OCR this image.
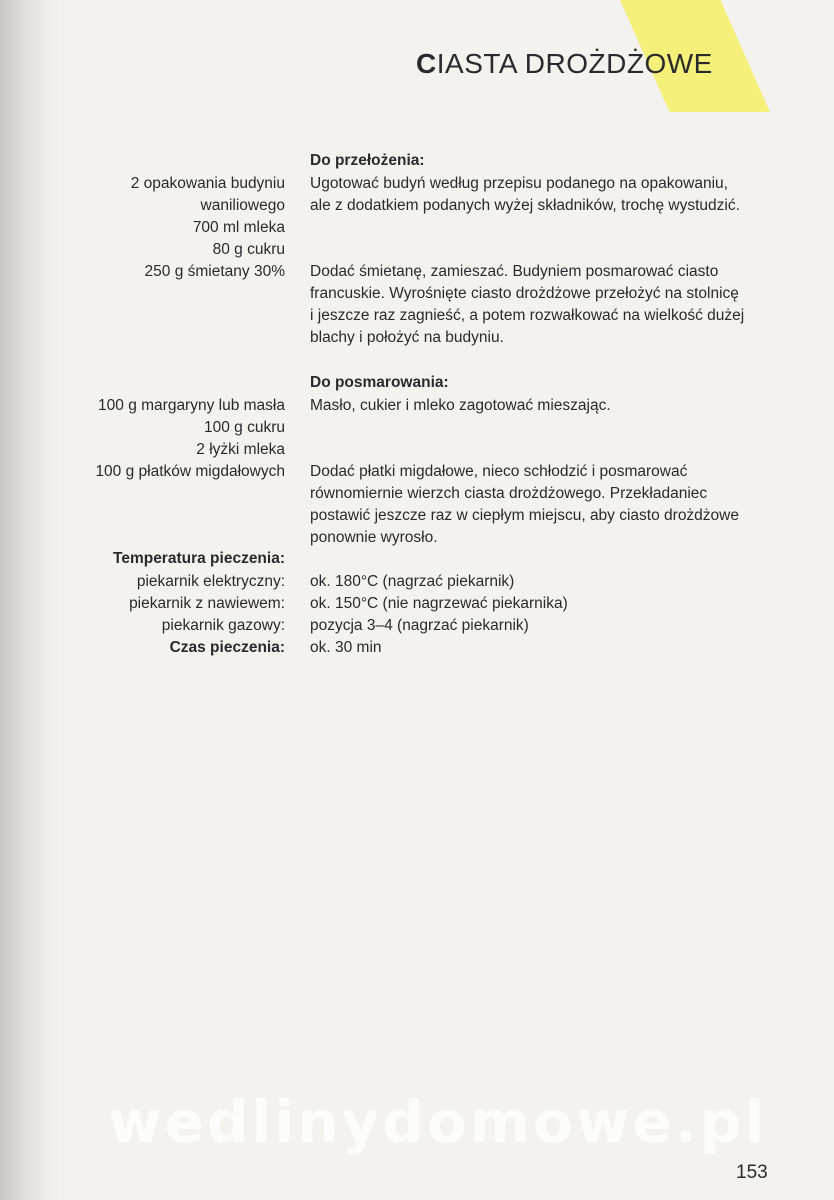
CIASTA DROŻDŻOWE
Do przełożenia:
2 opakowania budyniu
waniliowego
700 ml mleka
80 g cukru
250 g śmietany 30%
Ugotować budyń według przepisu podanego na opakowaniu,
ale z dodatkiem podanych wyżej składników, trochę wystudzić.
Dodać śmietanę, zamieszać. Budyniem posmarować ciasto
francuskie. Wyrośnięte ciasto drożdżowe przełożyć na stolnicę
i jeszcze raz zagnieść, a potem rozwałkować na wielkość dużej
blachy i położyć na budyniu.
Do posmarowania:
100 g margaryny lub masła
100 g cukru
2 łyżki mleka
100 g płatków migdałowych
Masło, cukier i mleko zagotować mieszając.
Dodać płatki migdałowe, nieco schłodzić i posmarować
równomiernie wierzch ciasta drożdżowego. Przekładaniec
postawić jeszcze raz w ciepłym miejscu, aby ciasto drożdżowe
ponownie wyrosło.
Temperatura pieczenia:
piekarnik elektryczny: ok. 180°C (nagrzać piekarnik)
piekarnik z nawiewem: ok. 150°C (nie nagrzewać piekarnika)
piekarnik gazowy: pozycja 3–4 (nagrzać piekarnik)
Czas pieczenia: ok. 30 min
wedlinydomowe.pl
153
